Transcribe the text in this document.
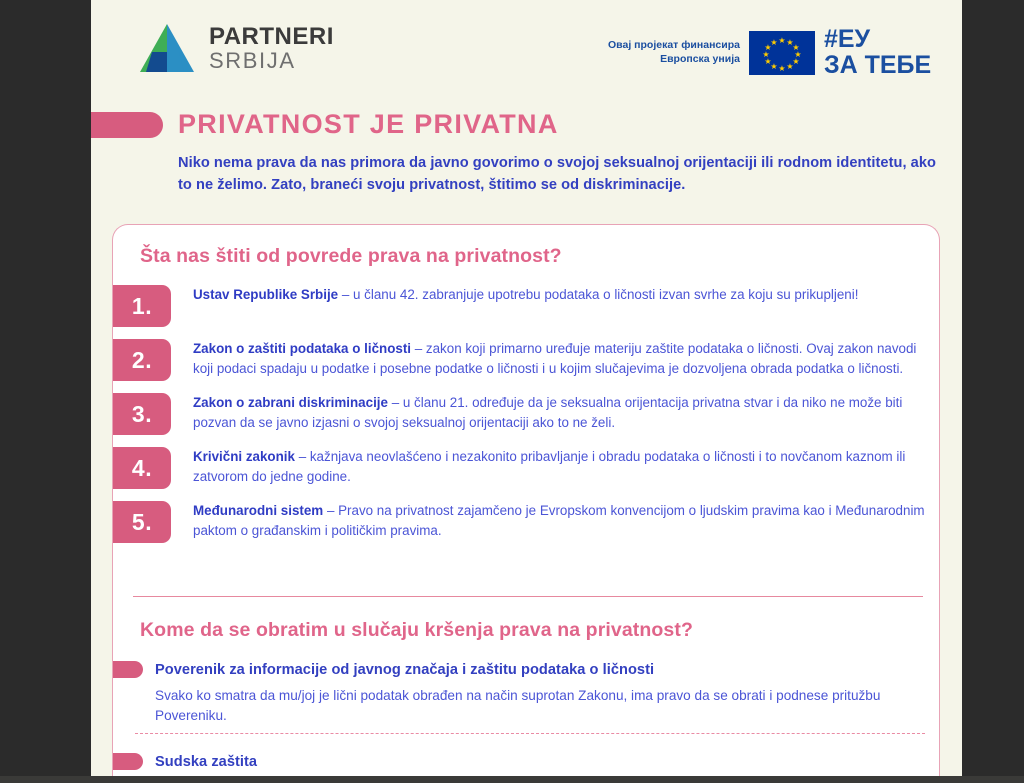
PARTNERI
SRBIJA
Овај пројекат финансира
Европска унија
★ ★
★
★
★
★
★
★
★
★
★
★ #ЕУ
ЗА ТЕБЕ
PRIVATNOST JE PRIVATNA
Niko nema prava da nas primora da javno govorimo o svojoj seksualnoj orijentaciji ili rodnom identitetu, ako to ne želimo. Zato, braneći svoju privatnost, štitimo se od diskriminacije.
Šta nas štiti od povrede prava na privatnost?
1.	Ustav Republike Srbije – u članu 42. zabranjuje upotrebu podataka o ličnosti izvan svrhe za koju su prikupljeni!
2.	Zakon o zaštiti podataka o ličnosti – zakon koji primarno uređuje materiju zaštite podataka o ličnosti. Ovaj zakon navodi koji podaci spadaju u podatke i posebne podatke o ličnosti i u kojim slučajevima je dozvoljena obrada podatka o ličnosti.
3.	Zakon o zabrani diskriminacije – u članu 21. određuje da je seksualna orijentacija privatna stvar i da niko ne može biti pozvan da se javno izjasni o svojoj seksualnoj orijentaciji ako to ne želi.
4.	Krivični zakonik – kažnjava neovlašćeno i nezakonito pribavljanje i obradu podataka o ličnosti i to novčanom kaznom ili zatvorom do jedne godine.
5.	Međunarodni sistem – Pravo na privatnost zajamčeno je Evropskom konvencijom o ljudskim pravima kao i Međunarodnim paktom o građanskim i političkim pravima.
Kome da se obratim u slučaju kršenja prava na privatnost?
Poverenik za informacije od javnog značaja i zaštitu podataka o ličnosti
Svako ko smatra da mu/joj je lični podatak obrađen na način suprotan Zakonu, ima pravo da se obrati i podnese pritužbu Povereniku.
Sudska zaštita
